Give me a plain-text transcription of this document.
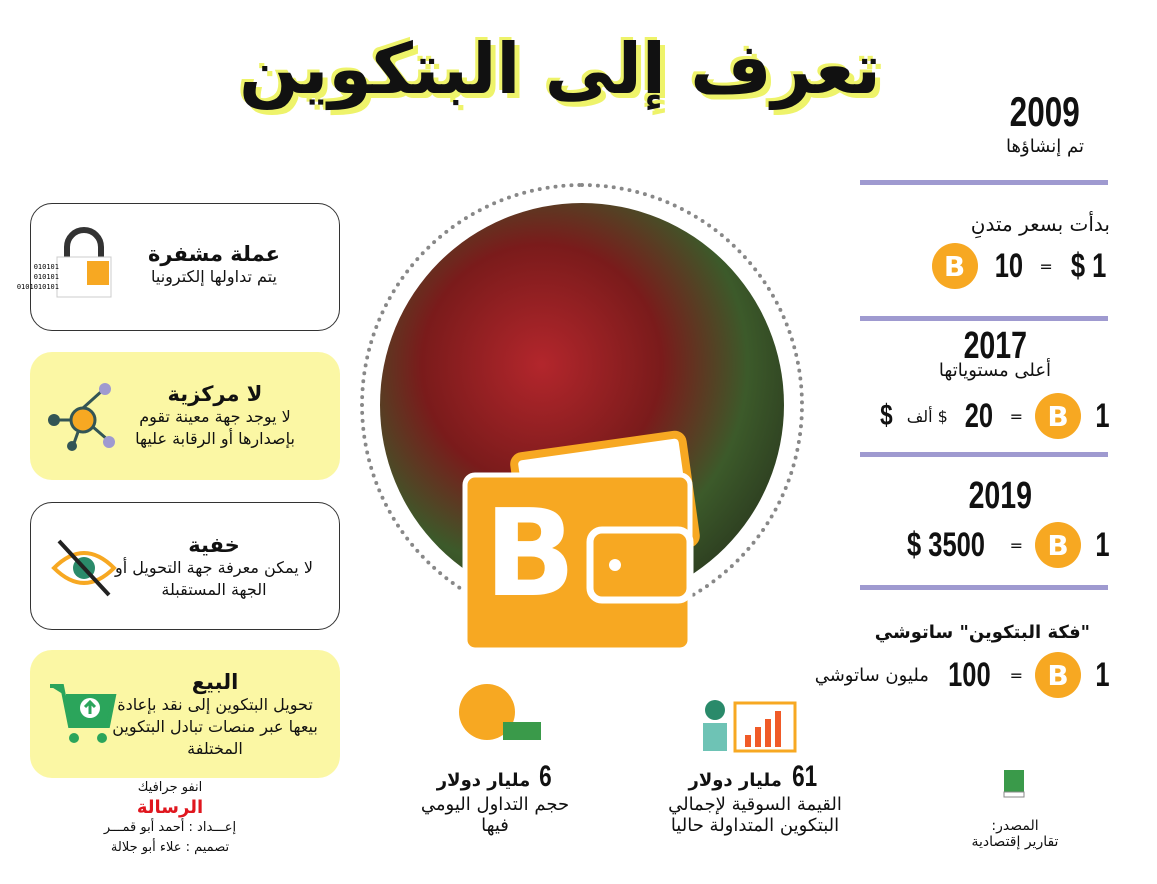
تعرف إلى البتكوين
عملة مشفرة
يتم تداولها إلكترونيا
010101
010101
0101010101
لا مركزية
لا يوجد جهة معينة تقوم بإصدارها أو الرقابة عليها
خفية
لا يمكن معرفة جهة التحويل أو الجهة المستقبلة
البيع
تحويل البتكوين إلى نقد بإعادة بيعها عبر منصات تبادل البتكوين المختلفة
B
2009
تم إنشاؤها
بدأت بسعر متدنِ
B 10 = $ 1
2017
أعلى مستوياتها
$ ألف $ 20 = B 1
2019
$ 3500 = B 1
"فكة البتكوين" ساتوشي
مليون ساتوشي 100 = B 1
6 مليار دولار
حجم التداول اليومي فيها
61 مليار دولار
القيمة السوقية لإجمالي البتكوين المتداولة حاليا	المصدر:
تقارير إقتصادية
انفو جرافيك
الرسالة
إعـــداد : أحمد أبو قمـــر
تصميم : علاء أبو جلالة
